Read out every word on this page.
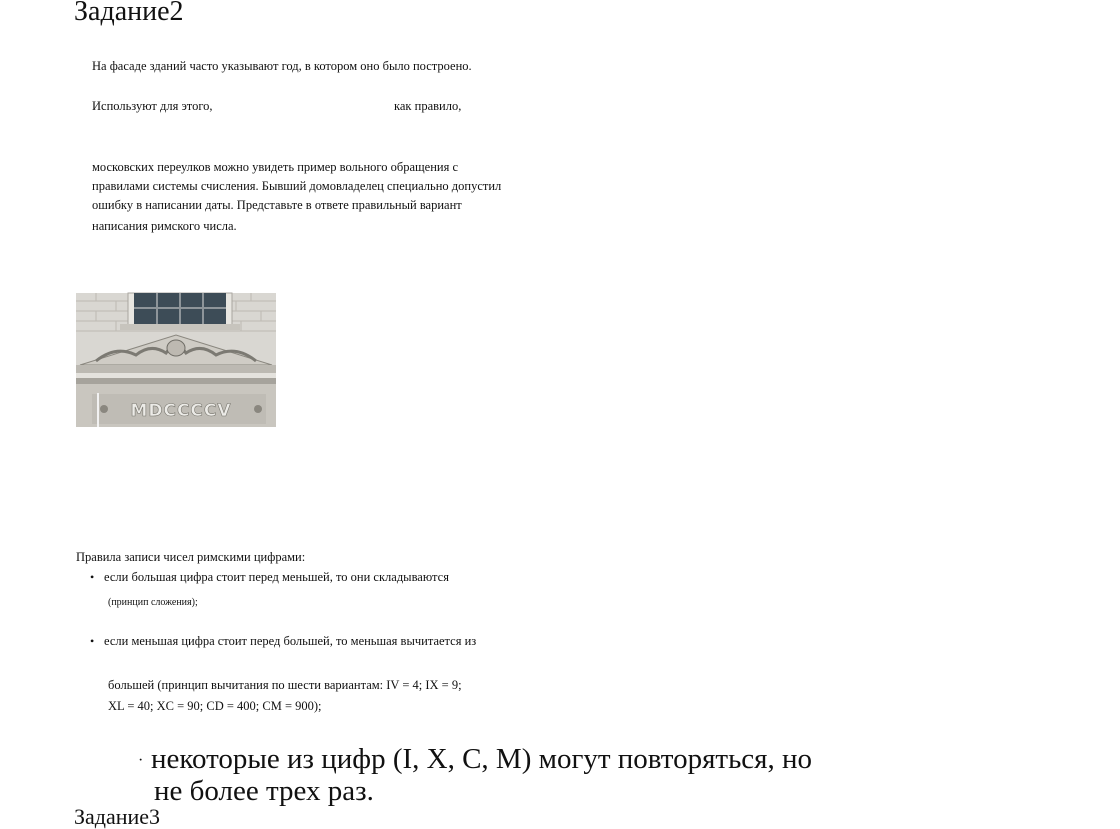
Задание2
На фасаде зданий часто указывают год, в котором оно было построено.
Используют для этого,	как правило,
московских переулков можно увидеть пример вольного обращения с
правилами системы счисления. Бывший домовладелец специально допустил
ошибку в написании даты. Представьте в ответе правильный вариант
написания римского числа.
MDCCCCV
Правила записи чисел римскими цифрами:
• если большая цифра стоит перед меньшей, то они складываются
(принцип сложения);
• если меньшая цифра стоит перед большей, то меньшая вычитается из
большей (принцип вычитания по шести вариантам: IV = 4; IX = 9;
XL = 40; XC = 90; CD = 400; CM = 900);
· некоторые из цифр (I, X, C, M) могут повторяться, но
не более трех раз.
Задание3
